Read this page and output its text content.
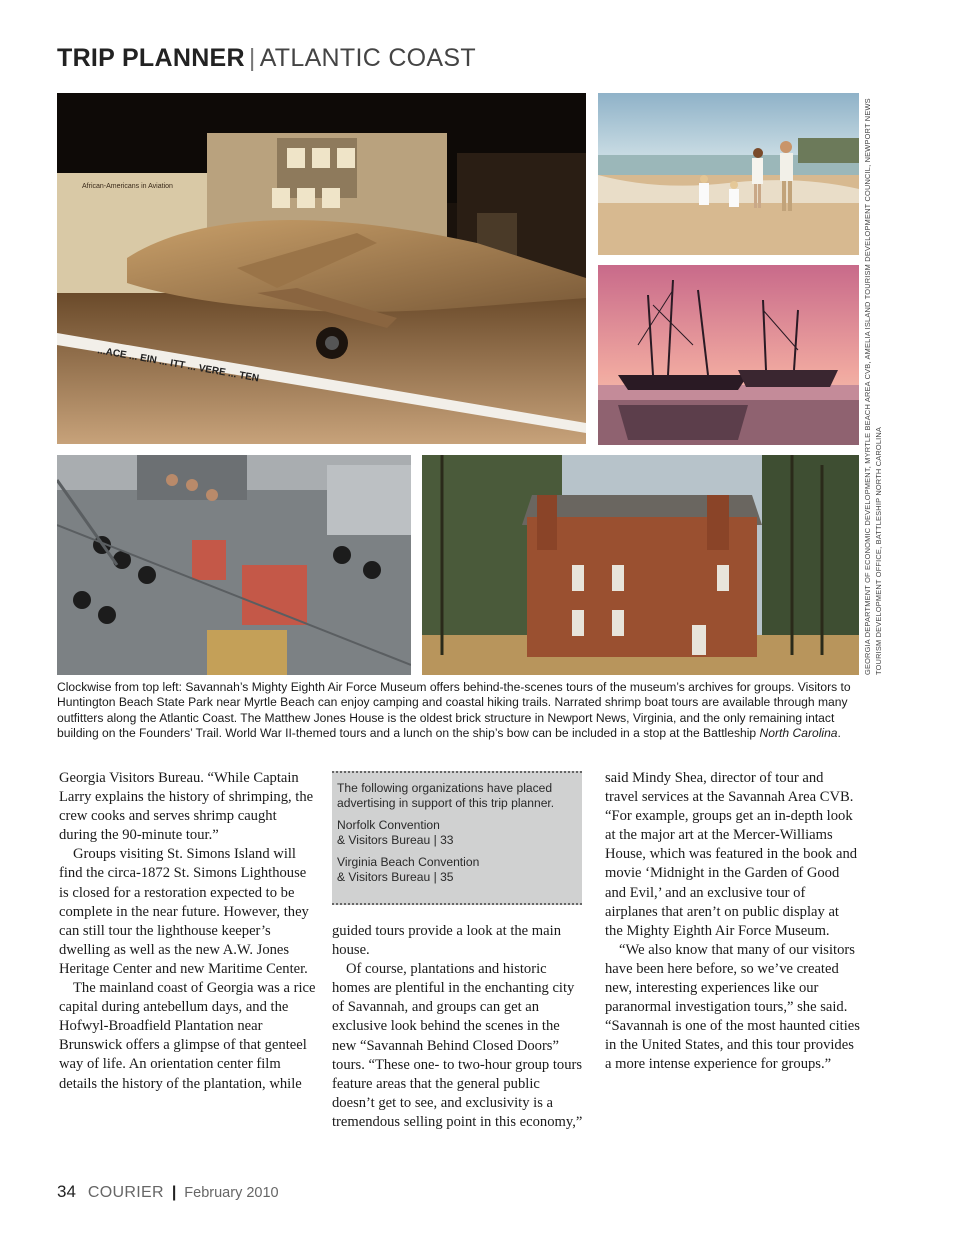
TRIP PLANNER | ATLANTIC COAST
African-Americans in Aviation
...ACE ... EIN ... ITT ... VERE ... TEN	GEORGIA DEPARTMENT OF ECONOMIC DEVELOPMENT, MYRTLE BEACH AREA CVB, AMELIA ISLAND TOURISM DEVELOPMENT COUNCIL, NEWPORT NEWS TOURISM DEVELOPMENT OFFICE, BATTLESHIP NORTH CAROLINA
Clockwise from top left: Savannah’s Mighty Eighth Air Force Museum offers behind-the-scenes tours of the museum’s archives for groups. Visitors to Huntington Beach State Park near Myrtle Beach can enjoy camping and coastal hiking trails. Narrated shrimp boat tours are available through many outfitters along the Atlantic Coast. The Matthew Jones House is the oldest brick structure in Newport News, Virginia, and the only remaining intact building on the Founders’ Trail. World War II-themed tours and a lunch on the ship’s bow can be included in a stop at the Battleship North Carolina.

Georgia Visitors Bureau. “While Captain Larry explains the history of shrimping, the crew cooks and serves shrimp caught during the 90-minute tour.”

Groups visiting St. Simons Island will find the circa-1872 St. Simons Lighthouse is closed for a restoration expected to be complete in the near future. However, they can still tour the lighthouse keeper’s dwelling as well as the new A.W. Jones Heritage Center and new Maritime Center.

The mainland coast of Georgia was a rice capital during antebellum days, and the Hofwyl-Broadfield Plantation near Brunswick offers a glimpse of that genteel way of life. An orientation center film details the history of the plantation, while

The following organizations have placed advertising in support of this trip planner.
Norfolk Convention
& Visitors Bureau | 33
Virginia Beach Convention
& Visitors Bureau | 35

guided tours provide a look at the main house.

Of course, plantations and historic homes are plentiful in the enchanting city of Savannah, and groups can get an exclusive look behind the scenes in the new “Savannah Behind Closed Doors” tours. “These one- to two-hour group tours feature areas that the general public doesn’t get to see, and exclusivity is a tremendous selling point in this economy,”

said Mindy Shea, director of tour and travel services at the Savannah Area CVB. “For example, groups get an in-depth look at the major art at the Mercer-Williams House, which was featured in the book and movie ‘Midnight in the Garden of Good and Evil,’ and an exclusive tour of airplanes that aren’t on public display at the Mighty Eighth Air Force Museum.

“We also know that many of our visitors have been here before, so we’ve created new, interesting experiences like our paranormal investigation tours,” she said. “Savannah is one of the most haunted cities in the United States, and this tour provides a more intense experience for groups.”

34 COURIER | February 2010
